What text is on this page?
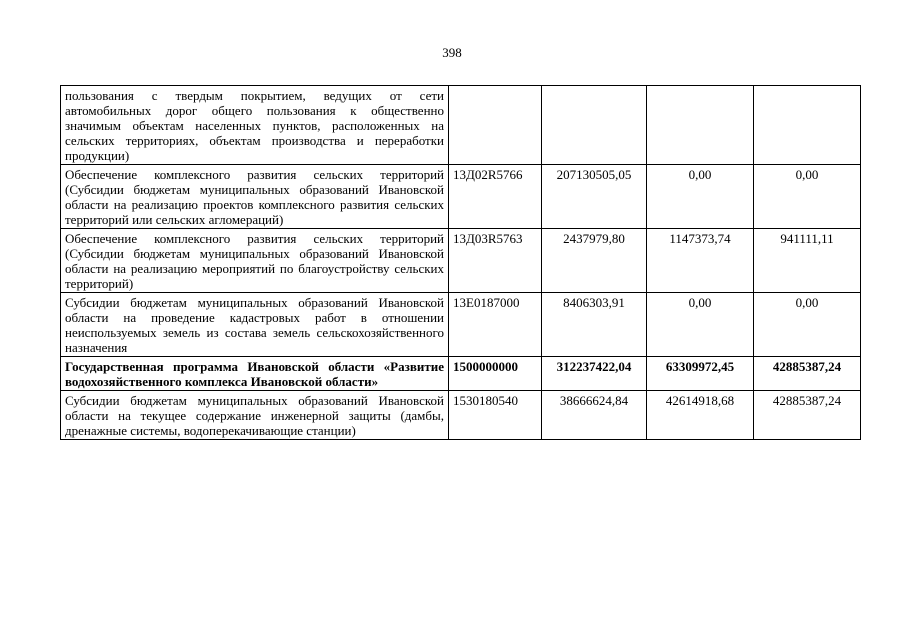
398
пользования с твердым покрытием, ведущих от сети автомобильных дорог общего пользования к общественно значимым объектам населенных пунктов, расположенных на сельских территориях, объектам производства и переработки продукции)				
Обеспечение комплексного развития сельских территорий (Субсидии бюджетам муниципальных образований Ивановской области на реализацию проектов комплексного развития сельских территорий или сельских агломераций)	13Д02R5766	207130505,05	0,00	0,00
Обеспечение комплексного развития сельских территорий (Субсидии бюджетам муниципальных образований Ивановской области на реализацию мероприятий по благоустройству сельских территорий)	13Д03R5763	2437979,80	1147373,74	941111,11
Субсидии бюджетам муниципальных образований Ивановской области на проведение кадастровых работ в отношении неиспользуемых земель из состава земель сельскохозяйственного назначения	13Е0187000	8406303,91	0,00	0,00
Государственная программа Ивановской области «Развитие водохозяйственного комплекса Ивановской области»	1500000000	312237422,04	63309972,45	42885387,24
Субсидии бюджетам муниципальных образований Ивановской области на текущее содержание инженерной защиты (дамбы, дренажные системы, водоперекачивающие станции)	1530180540	38666624,84	42614918,68	42885387,24
